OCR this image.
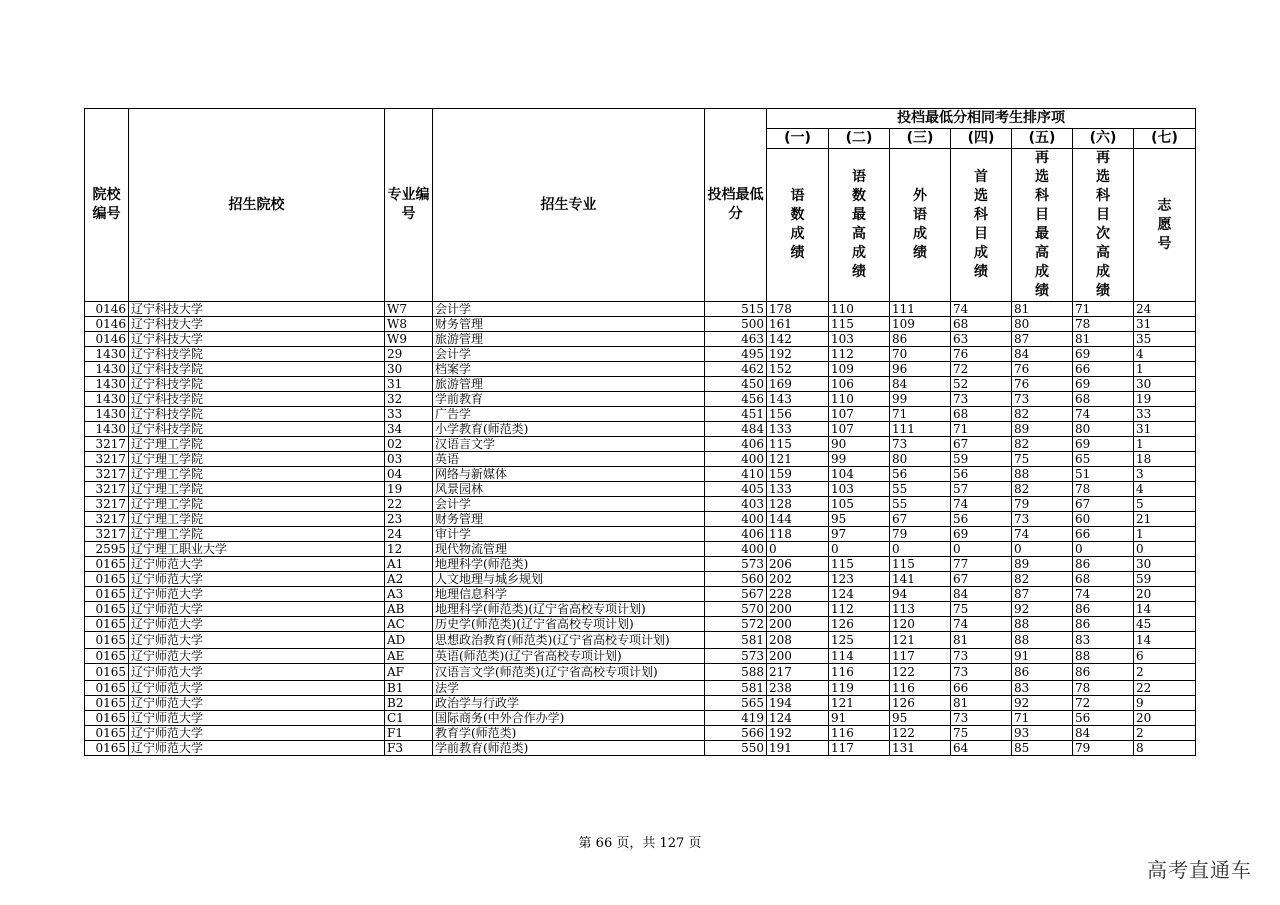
院校编号	招生院校	专业编号	招生专业	投档最低分	投档最低分相同考生排序项						
					(一)	(二)	(三)	(四)	(五)	(六)	(七)

					语数成绩	语数最高成绩	外语成绩	首选科目成绩	再选科目最高成绩	再选科目次高成绩	志愿号

0146	辽宁科技大学	W7	会计学	515	178	110	111	74	81	71	24
0146	辽宁科技大学	W8	财务管理	500	161	115	109	68	80	78	31
0146	辽宁科技大学	W9	旅游管理	463	142	103	86	63	87	81	35
1430	辽宁科技学院	29	会计学	495	192	112	70	76	84	69	4
1430	辽宁科技学院	30	档案学	462	152	109	96	72	76	66	1
1430	辽宁科技学院	31	旅游管理	450	169	106	84	52	76	69	30
1430	辽宁科技学院	32	学前教育	456	143	110	99	73	73	68	19
1430	辽宁科技学院	33	广告学	451	156	107	71	68	82	74	33
1430	辽宁科技学院	34	小学教育(师范类)	484	133	107	111	71	89	80	31
3217	辽宁理工学院	02	汉语言文学	406	115	90	73	67	82	69	1
3217	辽宁理工学院	03	英语	400	121	99	80	59	75	65	18
3217	辽宁理工学院	04	网络与新媒体	410	159	104	56	56	88	51	3
3217	辽宁理工学院	19	风景园林	405	133	103	55	57	82	78	4
3217	辽宁理工学院	22	会计学	403	128	105	55	74	79	67	5
3217	辽宁理工学院	23	财务管理	400	144	95	67	56	73	60	21
3217	辽宁理工学院	24	审计学	406	118	97	79	69	74	66	1
2595	辽宁理工职业大学	12	现代物流管理	400	0	0	0	0	0	0	0
0165	辽宁师范大学	A1	地理科学(师范类)	573	206	115	115	77	89	86	30
0165	辽宁师范大学	A2	人文地理与城乡规划	560	202	123	141	67	82	68	59
0165	辽宁师范大学	A3	地理信息科学	567	228	124	94	84	87	74	20
0165	辽宁师范大学	AB	地理科学(师范类)(辽宁省高校专项计划)	570	200	112	113	75	92	86	14
0165	辽宁师范大学	AC	历史学(师范类)(辽宁省高校专项计划)	572	200	126	120	74	88	86	45
0165	辽宁师范大学	AD	思想政治教育(师范类)(辽宁省高校专项计划)	581	208	125	121	81	88	83	14
0165	辽宁师范大学	AE	英语(师范类)(辽宁省高校专项计划)	573	200	114	117	73	91	88	6
0165	辽宁师范大学	AF	汉语言文学(师范类)(辽宁省高校专项计划)	588	217	116	122	73	86	86	2
0165	辽宁师范大学	B1	法学	581	238	119	116	66	83	78	22
0165	辽宁师范大学	B2	政治学与行政学	565	194	121	126	81	92	72	9
0165	辽宁师范大学	C1	国际商务(中外合作办学)	419	124	91	95	73	71	56	20
0165	辽宁师范大学	F1	教育学(师范类)	566	192	116	122	75	93	84	2
0165	辽宁师范大学	F3	学前教育(师范类)	550	191	117	131	64	85	79	8
第 66 页，共 127 页
高考直通车
